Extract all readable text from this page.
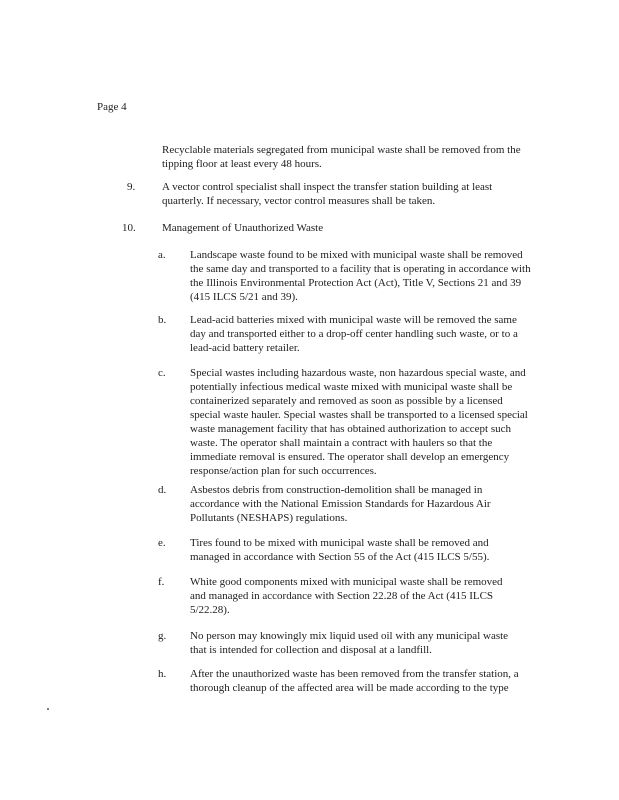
Page 4

Recyclable materials segregated from municipal waste shall be removed from the tipping floor at least every 48 hours.

9. A vector control specialist shall inspect the transfer station building at least quarterly. If necessary, vector control measures shall be taken.

10. Management of Unauthorized Waste
a. Landscape waste found to be mixed with municipal waste shall be removed the same day and transported to a facility that is operating in accordance with the Illinois Environmental Protection Act (Act), Title V, Sections 21 and 39 (415 ILCS 5/21 and 39).

b. Lead-acid batteries mixed with municipal waste will be removed the same day and transported either to a drop-off center handling such waste, or to a lead-acid battery retailer.

c. Special wastes including hazardous waste, non hazardous special waste, and potentially infectious medical waste mixed with municipal waste shall be containerized separately and removed as soon as possible by a licensed special waste hauler. Special wastes shall be transported to a licensed special waste management facility that has obtained authorization to accept such waste. The operator shall maintain a contract with haulers so that the immediate removal is ensured. The operator shall develop an emergency response/action plan for such occurrences.

d. Asbestos debris from construction-demolition shall be managed in accordance with the National Emission Standards for Hazardous Air Pollutants (NESHAPS) regulations.

e. Tires found to be mixed with municipal waste shall be removed and managed in accordance with Section 55 of the Act (415 ILCS 5/55).

f. White good components mixed with municipal waste shall be removed and managed in accordance with Section 22.28 of the Act (415 ILCS 5/22.28).

g. No person may knowingly mix liquid used oil with any municipal waste that is intended for collection and disposal at a landfill.

h. After the unauthorized waste has been removed from the transfer station, a thorough cleanup of the affected area will be made according to the type
